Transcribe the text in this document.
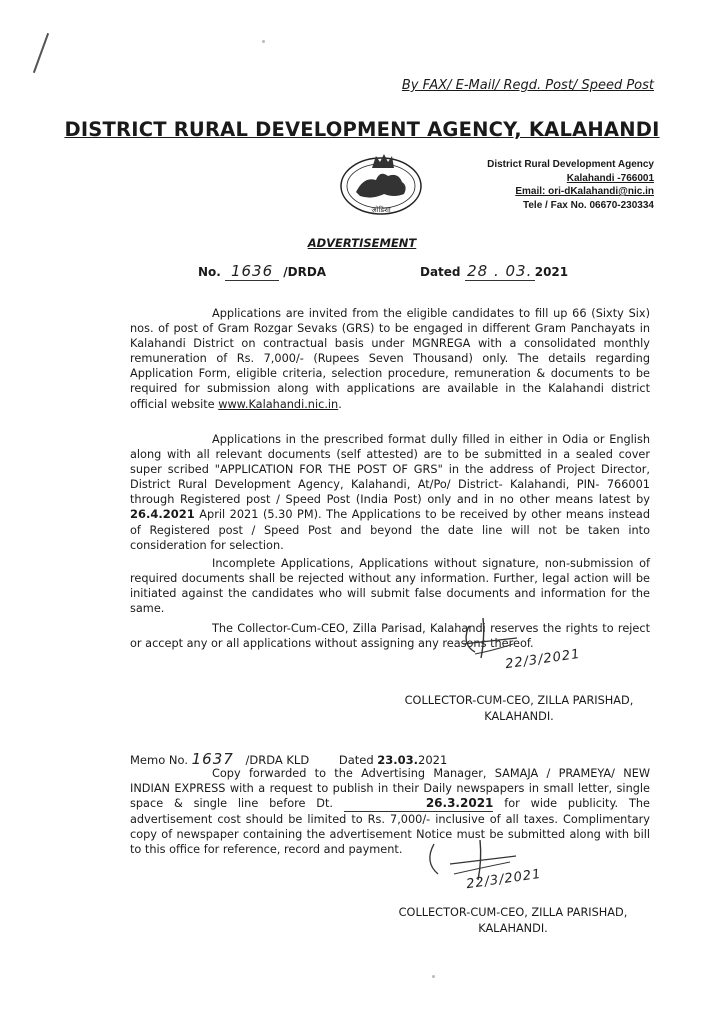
By FAX/ E-Mail/ Regd. Post/ Speed Post
DISTRICT RURAL DEVELOPMENT AGENCY, KALAHANDI
ओडिशा
District Rural Development Agency
Kalahandi -766001
Email: ori-dKalahandi@nic.in
Tele / Fax No. 06670-230334
ADVERTISEMENT
No. 1636 /DRDA	Dated 28 . 03. 2021

Applications are invited from the eligible candidates to fill up 66 (Sixty Six) nos. of post of Gram Rozgar Sevaks (GRS) to be engaged in different Gram Panchayats in Kalahandi District on contractual basis under MGNREGA with a consolidated monthly remuneration of Rs. 7,000/- (Rupees Seven Thousand) only. The details regarding Application Form, eligible criteria, selection procedure, remuneration & documents to be required for submission along with applications are available in the Kalahandi district official website www.Kalahandi.nic.in.

Applications in the prescribed format dully filled in either in Odia or English along with all relevant documents (self attested) are to be submitted in a sealed cover super scribed "APPLICATION FOR THE POST OF GRS" in the address of Project Director, District Rural Development Agency, Kalahandi, At/Po/ District- Kalahandi, PIN- 766001 through Registered post / Speed Post (India Post) only and in no other means latest by 26.4.2021 April 2021 (5.30 PM). The Applications to be received by other means instead of Registered post / Speed Post and beyond the date line will not be taken into consideration for selection.

Incomplete Applications, Applications without signature, non-submission of required documents shall be rejected without any information. Further, legal action will be initiated against the candidates who will submit false documents and information for the same.

The Collector-Cum-CEO, Zilla Parisad, Kalahandi reserves the rights to reject or accept any or all applications without assigning any reasons thereof.

22/3/2021
COLLECTOR-CUM-CEO, ZILLA PARISHAD,
KALAHANDI.
Memo No. 1637 /DRDA KLD	Dated 23.03.2021

Copy forwarded to the Advertising Manager, SAMAJA / PRAMEYA/ NEW INDIAN EXPRESS with a request to publish in their Daily newspapers in small letter, single space & single line before Dt.	26.3.2021 for wide publicity. The advertisement cost should be limited to Rs. 7,000/- inclusive of all taxes. Complimentary copy of newspaper containing the advertisement Notice must be submitted along with bill to this office for reference, record and payment.

22/3/2021
COLLECTOR-CUM-CEO, ZILLA PARISHAD,
KALAHANDI.
